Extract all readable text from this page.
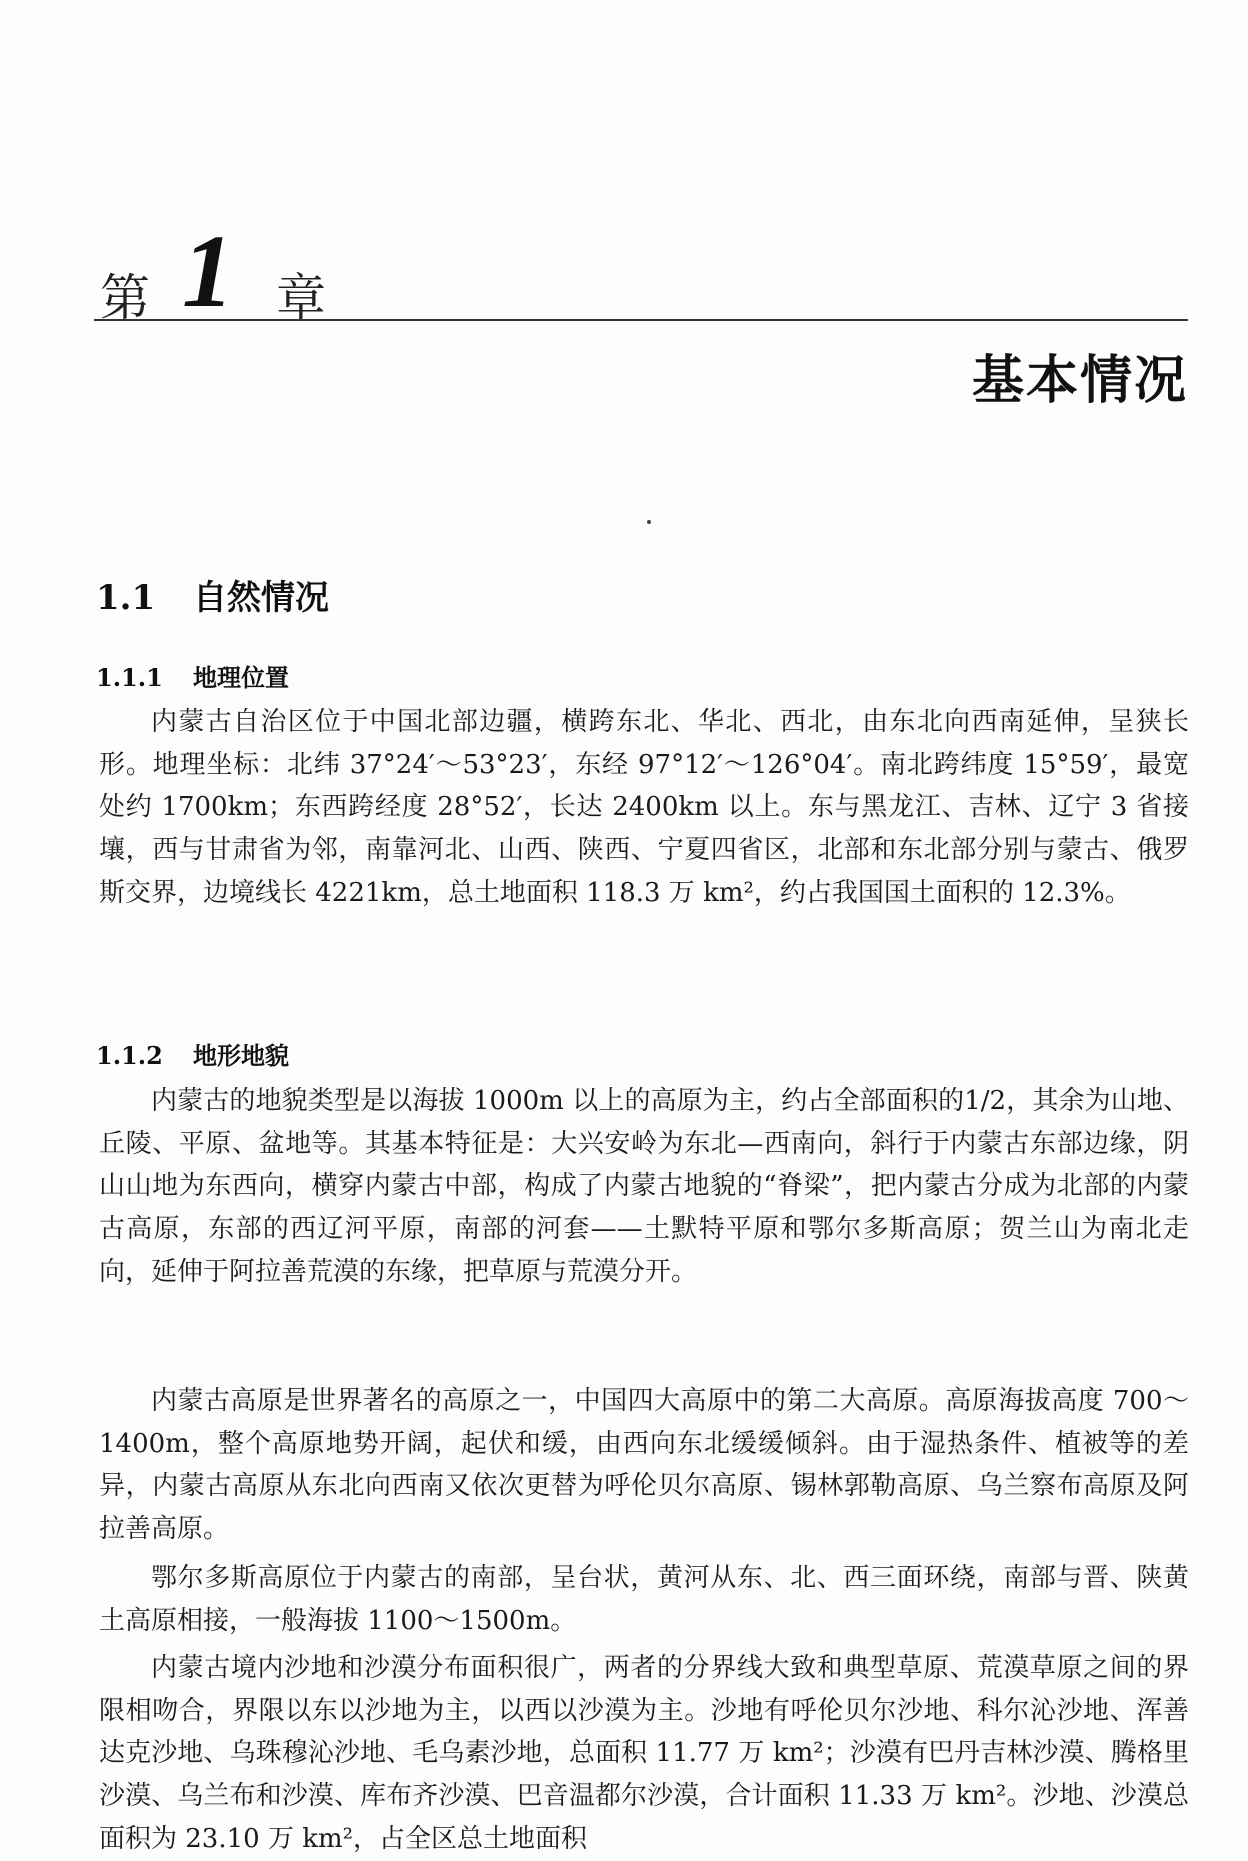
第 1 章
基本情况
1.1 自然情况
1.1.1 地理位置

内蒙古自治区位于中国北部边疆，横跨东北、华北、西北，由东北向西南延伸，呈狭长形。地理坐标：北纬 37°24′～53°23′，东经 97°12′～126°04′。南北跨纬度 15°59′，最宽处约 1700km；东西跨经度 28°52′，长达 2400km 以上。东与黑龙江、吉林、辽宁 3 省接壤，西与甘肃省为邻，南靠河北、山西、陕西、宁夏四省区，北部和东北部分别与蒙古、俄罗斯交界，边境线长 4221km，总土地面积 118.3 万 km²，约占我国国土面积的 12.3%。

1.1.2 地形地貌

内蒙古的地貌类型是以海拔 1000m 以上的高原为主，约占全部面积的1/2，其余为山地、丘陵、平原、盆地等。其基本特征是：大兴安岭为东北—西南向，斜行于内蒙古东部边缘，阴山山地为东西向，横穿内蒙古中部，构成了内蒙古地貌的“脊梁”，把内蒙古分成为北部的内蒙古高原，东部的西辽河平原，南部的河套——土默特平原和鄂尔多斯高原；贺兰山为南北走向，延伸于阿拉善荒漠的东缘，把草原与荒漠分开。

内蒙古高原是世界著名的高原之一，中国四大高原中的第二大高原。高原海拔高度 700～1400m，整个高原地势开阔，起伏和缓，由西向东北缓缓倾斜。由于湿热条件、植被等的差异，内蒙古高原从东北向西南又依次更替为呼伦贝尔高原、锡林郭勒高原、乌兰察布高原及阿拉善高原。

鄂尔多斯高原位于内蒙古的南部，呈台状，黄河从东、北、西三面环绕，南部与晋、陕黄土高原相接，一般海拔 1100～1500m。

内蒙古境内沙地和沙漠分布面积很广，两者的分界线大致和典型草原、荒漠草原之间的界限相吻合，界限以东以沙地为主，以西以沙漠为主。沙地有呼伦贝尔沙地、科尔沁沙地、浑善达克沙地、乌珠穆沁沙地、毛乌素沙地，总面积 11.77 万 km²；沙漠有巴丹吉林沙漠、腾格里沙漠、乌兰布和沙漠、库布齐沙漠、巴音温都尔沙漠，合计面积 11.33 万 km²。沙地、沙漠总面积为 23.10 万 km²，占全区总土地面积
